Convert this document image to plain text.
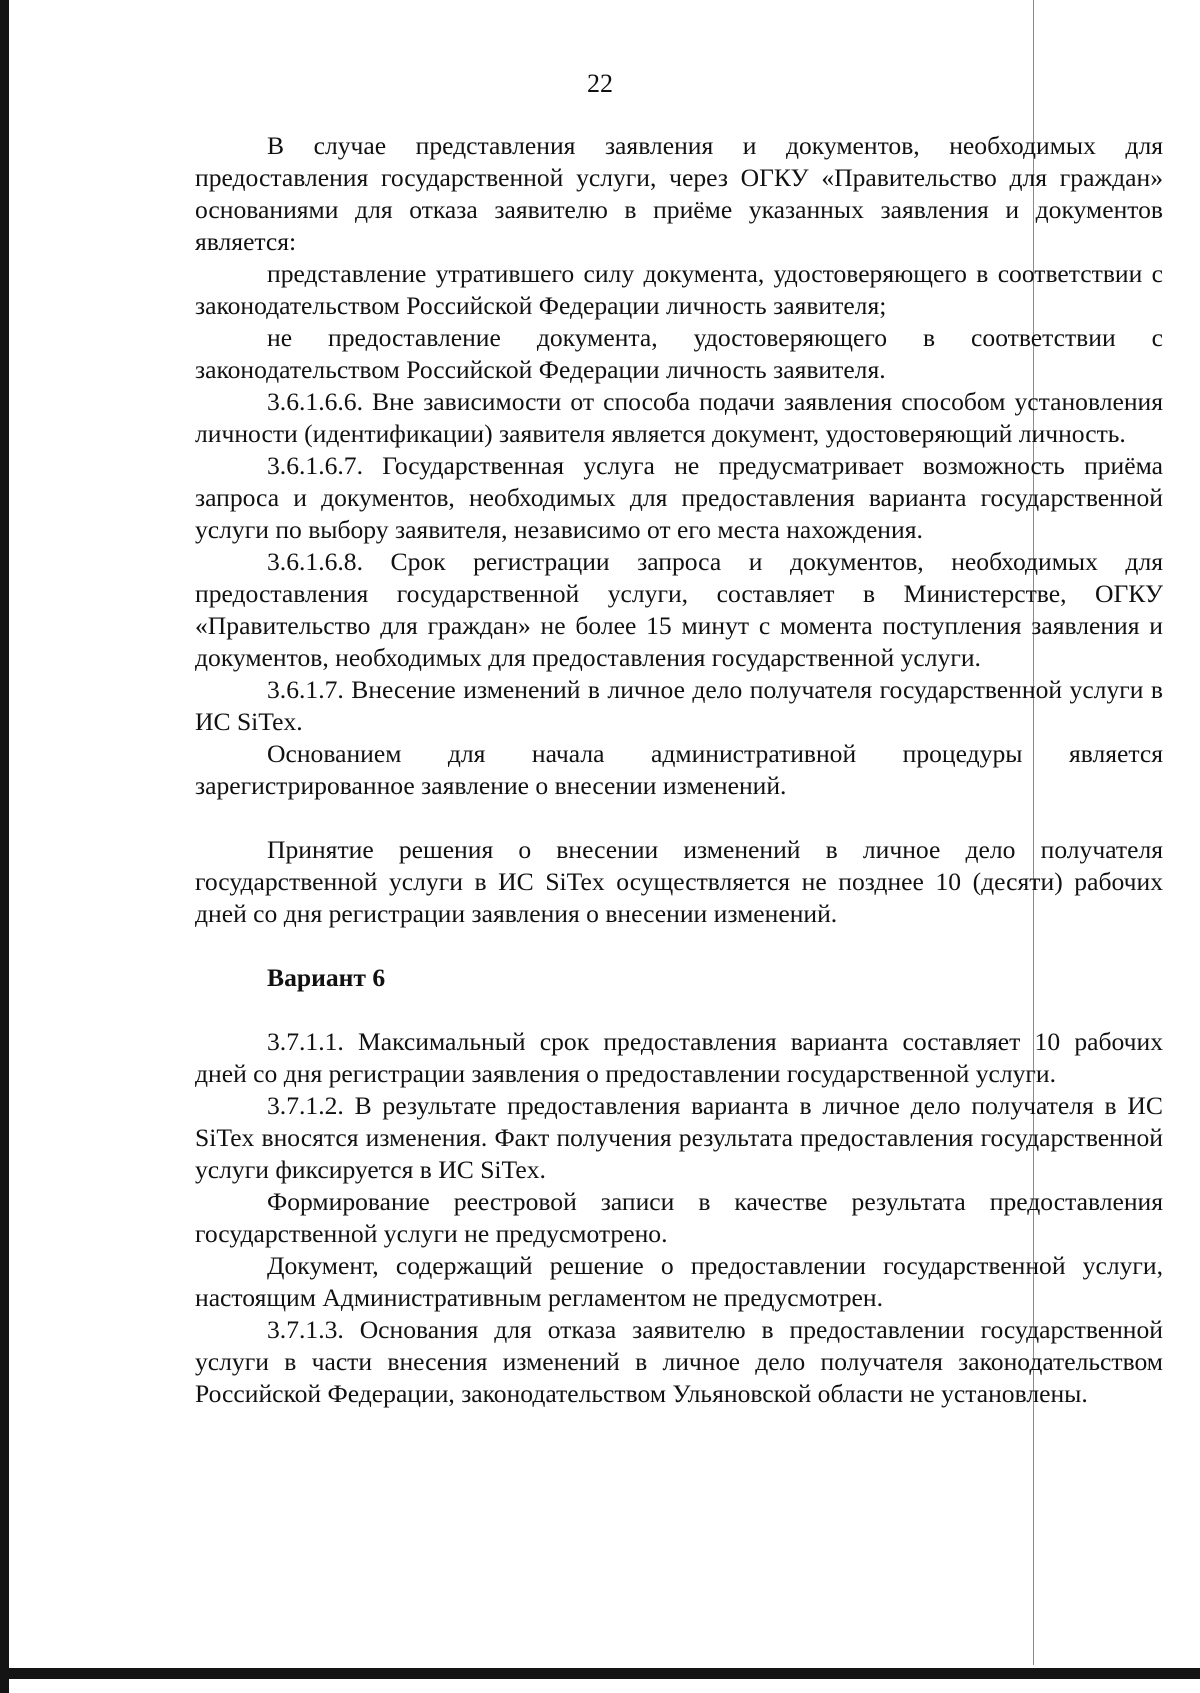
22

В случае представления заявления и документов, необходимых для предоставления государственной услуги, через ОГКУ «Правительство для граждан» основаниями для отказа заявителю в приёме указанных заявления и документов является:

представление утратившего силу документа, удостоверяющего в соответствии с законодательством Российской Федерации личность заявителя;

не предоставление документа, удостоверяющего в соответствии с законодательством Российской Федерации личность заявителя.

3.6.1.6.6. Вне зависимости от способа подачи заявления способом установления личности (идентификации) заявителя является документ, удостоверяющий личность.

3.6.1.6.7. Государственная услуга не предусматривает возможность приёма запроса и документов, необходимых для предоставления варианта государственной услуги по выбору заявителя, независимо от его места нахождения.

3.6.1.6.8. Срок регистрации запроса и документов, необходимых для предоставления государственной услуги, составляет в Министерстве, ОГКУ «Правительство для граждан» не более 15 минут с момента поступления заявления и документов, необходимых для предоставления государственной услуги.

3.6.1.7. Внесение изменений в личное дело получателя государственной услуги в ИС SiTex.

Основанием для начала административной процедуры является зарегистрированное заявление о внесении изменений.

Принятие решения о внесении изменений в личное дело получателя государственной услуги в ИС SiTex осуществляется не позднее 10 (десяти) рабочих дней со дня регистрации заявления о внесении изменений.

Вариант 6

3.7.1.1. Максимальный срок предоставления варианта составляет 10 рабочих дней со дня регистрации заявления о предоставлении государственной услуги.

3.7.1.2. В результате предоставления варианта в личное дело получателя в ИС SiTex вносятся изменения. Факт получения результата предоставления государственной услуги фиксируется в ИС SiTex.

Формирование реестровой записи в качестве результата предоставления государственной услуги не предусмотрено.

Документ, содержащий решение о предоставлении государственной услуги, настоящим Административным регламентом не предусмотрен.

3.7.1.3. Основания для отказа заявителю в предоставлении государственной услуги в части внесения изменений в личное дело получателя законодательством Российской Федерации, законодательством Ульяновской области не установлены.
